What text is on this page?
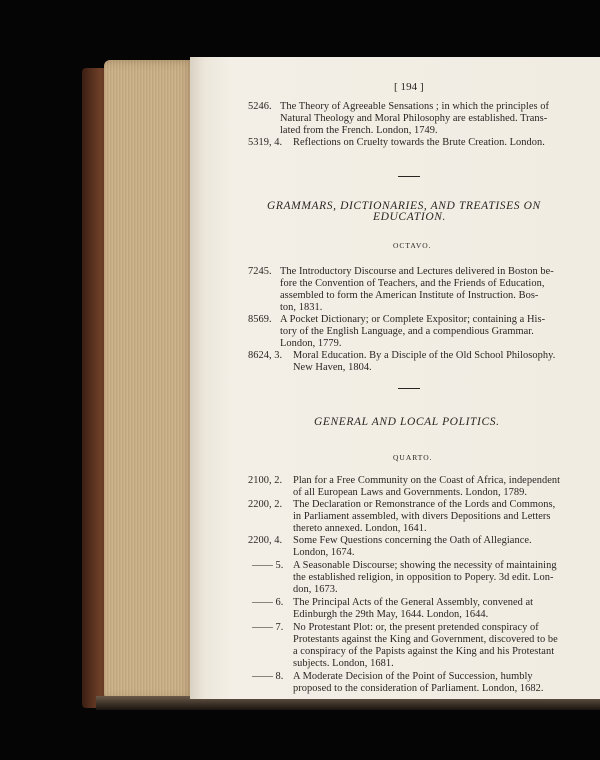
[ 194 ]
5246. The Theory of Agreeable Sensations ; in which the principles of
Natural Theology and Moral Philosophy are established. Trans-
lated from the French. London, 1749.
5319, 4. Reflections on Cruelty towards the Brute Creation. London.
GRAMMARS, DICTIONARIES, AND TREATISES ON
EDUCATION.
OCTAVO.
7245. The Introductory Discourse and Lectures delivered in Boston be-
fore the Convention of Teachers, and the Friends of Education,
assembled to form the American Institute of Instruction. Bos-
ton, 1831.
8569. A Pocket Dictionary; or Complete Expositor; containing a His-
tory of the English Language, and a compendious Grammar.
London, 1779.
8624, 3. Moral Education. By a Disciple of the Old School Philosophy.
New Haven, 1804.
GENERAL AND LOCAL POLITICS.
QUARTO.
2100, 2. Plan for a Free Community on the Coast of Africa, independent
of all European Laws and Governments. London, 1789.
2200, 2. The Declaration or Remonstrance of the Lords and Commons,
in Parliament assembled, with divers Depositions and Letters
thereto annexed. London, 1641.
2200, 4. Some Few Questions concerning the Oath of Allegiance.
London, 1674.
—— 5. A Seasonable Discourse; showing the necessity of maintaining
the established religion, in opposition to Popery. 3d edit. Lon-
don, 1673.
—— 6. The Principal Acts of the General Assembly, convened at
Edinburgh the 29th May, 1644. London, 1644.
—— 7. No Protestant Plot: or, the present pretended conspiracy of
Protestants against the King and Government, discovered to be
a conspiracy of the Papists against the King and his Protestant
subjects. London, 1681.
—— 8. A Moderate Decision of the Point of Succession, humbly
proposed to the consideration of Parliament. London, 1682.
